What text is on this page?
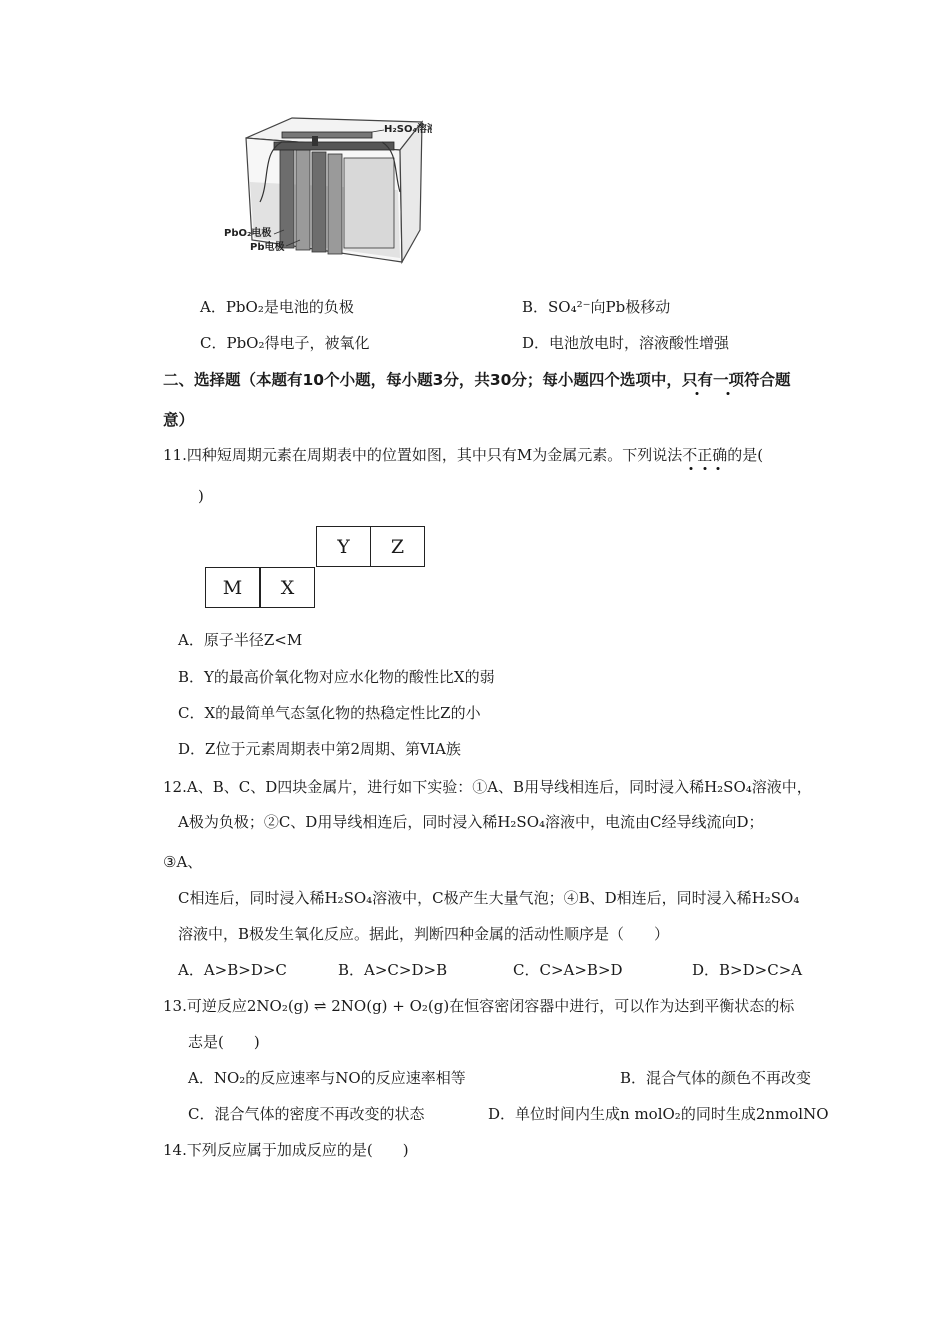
H₂SO₄溶液
PbO₂电极
Pb电极
A．PbO₂是电池的负极	B．SO₄²⁻向Pb极移动
C．PbO₂得电子，被氧化	D．电池放电时，溶液酸性增强
二、选择题（本题有10个小题，每小题3分，共30分；每小题四个选项中，只有一项
符合题
意）
11.四种短周期元素在周期表中的位置如图，其中只有M为金属元素。下列说法不正确
的是(
)
Y	Z
M	X
A．原子半径Z<M
B．Y的最高价氧化物对应水化物的酸性比X的弱
C．X的最简单气态氢化物的热稳定性比Z的小
D．Z位于元素周期表中第2周期、第ⅥA族
12.A、B、C、D四块金属片，进行如下实验：①A、B用导线相连后，同时浸入稀H₂SO₄溶液中，
A极为负极；②C、D用导线相连后，同时浸入稀H₂SO₄溶液中，电流由C经导线流向D；
③A、
C相连后，同时浸入稀H₂SO₄溶液中，C极产生大量气泡；④B、D相连后，同时浸入稀H₂SO₄
溶液中，B极发生氧化反应。据此，判断四种金属的活动性顺序是（　　）
A．A>B>D>C	B．A>C>D>B	C．C>A>B>D	D．B>D>C>A
13.可逆反应2NO₂(g) ⇌ 2NO(g) + O₂(g)在恒容密闭容器中进行，可以作为达到平衡状态的标
志是(　　)
A．NO₂的反应速率与NO的反应速率相等	B．混合气体的颜色不再改变
C．混合气体的密度不再改变的状态	D．单位时间内生成n molO₂的同时生成2nmolNO
14.下列反应属于加成反应的是(　　)
